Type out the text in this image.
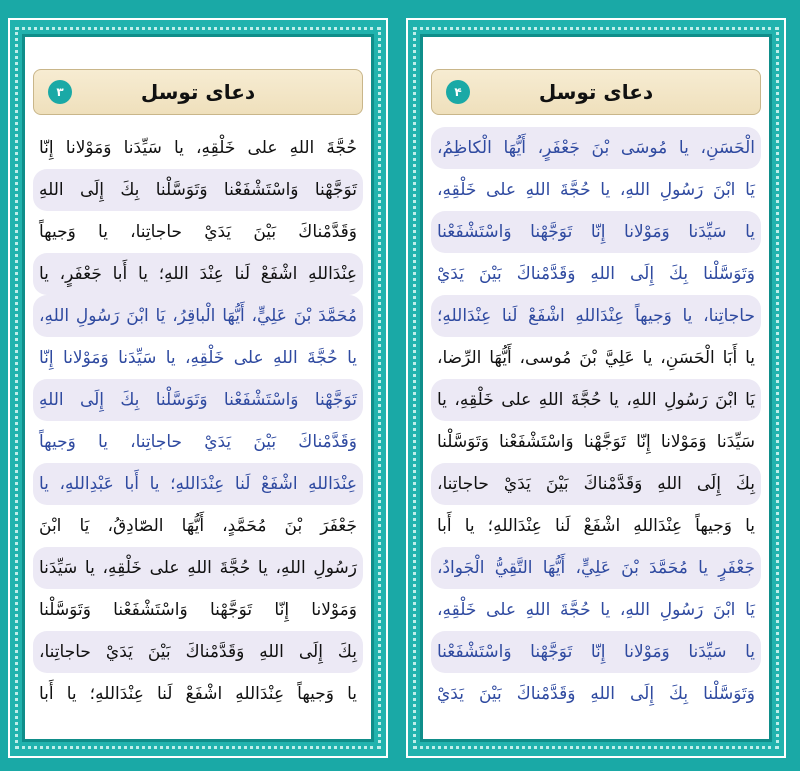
دعای توسل
۳
حُجَّةَ اللهِ علی خَلْقِهِ، یا سَیِّدَنا وَمَوْلانا إِنّا
تَوَجَّهْنا وَاسْتَشْفَعْنا وَتَوَسَّلْنا بِكَ إِلَى اللهِ
وَقَدَّمْناكَ بَيْنَ يَدَيْ حاجاتِنا، یا وَجیهاً
عِنْدَاللهِ اشْفَعْ لَنا عِنْدَ اللهِ؛ یا أَبا جَعْفَرٍ، یا
مُحَمَّدَ بْنَ عَلِيٍّ، أَيُّهَا الْباقِرُ، يَا ابْنَ رَسُولِ اللهِ،
یا حُجَّةَ اللهِ علی خَلْقِهِ، یا سَیِّدَنا وَمَوْلانا إِنّا
تَوَجَّهْنا وَاسْتَشْفَعْنا وَتَوَسَّلْنا بِكَ إِلَى اللهِ
وَقَدَّمْناكَ بَيْنَ يَدَيْ حاجاتِنا، یا وَجیهاً
عِنْدَاللهِ اشْفَعْ لَنا عِنْدَاللهِ؛ یا أَبا عَبْدِاللهِ، یا
جَعْفَرَ بْنَ مُحَمَّدٍ، أَيُّهَا الصّادِقُ، يَا ابْنَ
رَسُولِ اللهِ، یا حُجَّةَ اللهِ علی خَلْقِهِ، یا سَیِّدَنا
وَمَوْلانا إِنّا تَوَجَّهْنا وَاسْتَشْفَعْنا وَتَوَسَّلْنا
بِكَ إِلَى اللهِ وَقَدَّمْناكَ بَيْنَ يَدَيْ حاجاتِنا،
یا وَجیهاً عِنْدَاللهِ اشْفَعْ لَنا عِنْدَاللهِ؛ یا أَبا
دعای توسل
۴
الْحَسَنِ، یا مُوسَى بْنَ جَعْفَرٍ، أَيُّهَا الْكاظِمُ،
يَا ابْنَ رَسُولِ اللهِ، یا حُجَّةَ اللهِ علی خَلْقِهِ،
یا سَیِّدَنا وَمَوْلانا إِنّا تَوَجَّهْنا وَاسْتَشْفَعْنا
وَتَوَسَّلْنا بِكَ إِلَى اللهِ وَقَدَّمْناكَ بَيْنَ يَدَيْ
حاجاتِنا، يا وَجیهاً عِنْدَاللهِ اشْفَعْ لَنا عِنْدَاللهِ؛
یا أَبَا الْحَسَنِ، یا عَلِيَّ بْنَ مُوسى، أَيُّهَا الرِّضا،
يَا ابْنَ رَسُولِ اللهِ، یا حُجَّةَ اللهِ علی خَلْقِهِ، یا
سَیِّدَنا وَمَوْلانا إِنّا تَوَجَّهْنا وَاسْتَشْفَعْنا وَتَوَسَّلْنا
بِكَ إِلَى اللهِ وَقَدَّمْناكَ بَيْنَ يَدَيْ حاجاتِنا،
یا وَجیهاً عِنْدَاللهِ اشْفَعْ لَنا عِنْدَاللهِ؛ یا أَبا
جَعْفَرٍ یا مُحَمَّدَ بْنَ عَلِيٍّ، أَيُّهَا التَّقِيُّ الْجَوادُ،
يَا ابْنَ رَسُولِ اللهِ، یا حُجَّةَ اللهِ علی خَلْقِهِ،
یا سَیِّدَنا وَمَوْلانا إِنّا تَوَجَّهْنا وَاسْتَشْفَعْنا
وَتَوَسَّلْنا بِكَ إِلَى اللهِ وَقَدَّمْناكَ بَيْنَ يَدَيْ
